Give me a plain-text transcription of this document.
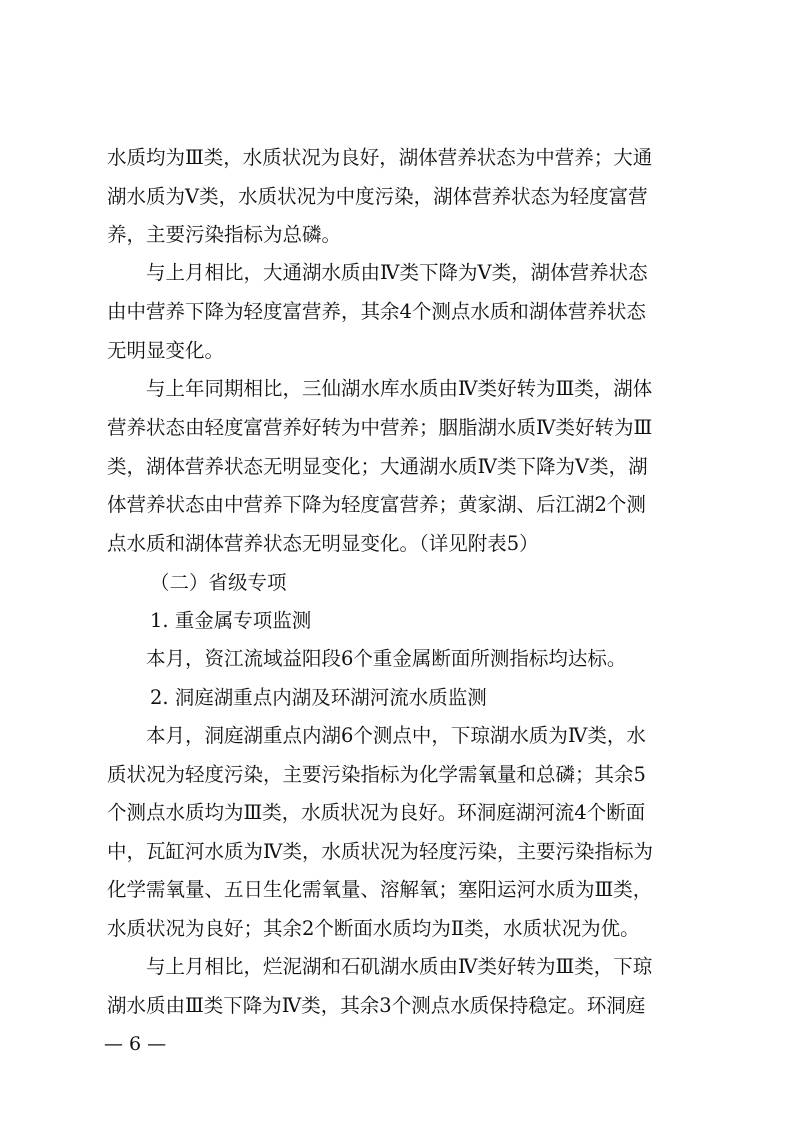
水质均为Ⅲ类，水质状况为良好，湖体营养状态为中营养；大通
湖水质为Ⅴ类，水质状况为中度污染，湖体营养状态为轻度富营
养，主要污染指标为总磷。
与上月相比，大通湖水质由Ⅳ类下降为Ⅴ类，湖体营养状态
由中营养下降为轻度富营养，其余4个测点水质和湖体营养状态
无明显变化。
与上年同期相比，三仙湖水库水质由Ⅳ类好转为Ⅲ类，湖体
营养状态由轻度富营养好转为中营养；胭脂湖水质Ⅳ类好转为Ⅲ
类，湖体营养状态无明显变化；大通湖水质Ⅳ类下降为Ⅴ类，湖
体营养状态由中营养下降为轻度富营养；黄家湖、后江湖2个测
点水质和湖体营养状态无明显变化。（详见附表5）
（二）省级专项
1. 重金属专项监测
本月，资江流域益阳段6个重金属断面所测指标均达标。
2. 洞庭湖重点内湖及环湖河流水质监测
本月，洞庭湖重点内湖6个测点中，下琼湖水质为Ⅳ类，水
质状况为轻度污染，主要污染指标为化学需氧量和总磷；其余5
个测点水质均为Ⅲ类，水质状况为良好。环洞庭湖河流4个断面
中，瓦缸河水质为Ⅳ类，水质状况为轻度污染，主要污染指标为
化学需氧量、五日生化需氧量、溶解氧；塞阳运河水质为Ⅲ类，
水质状况为良好；其余2个断面水质均为Ⅱ类，水质状况为优。
与上月相比，烂泥湖和石矶湖水质由Ⅳ类好转为Ⅲ类，下琼
湖水质由Ⅲ类下降为Ⅳ类，其余3个测点水质保持稳定。环洞庭
— 6 —
